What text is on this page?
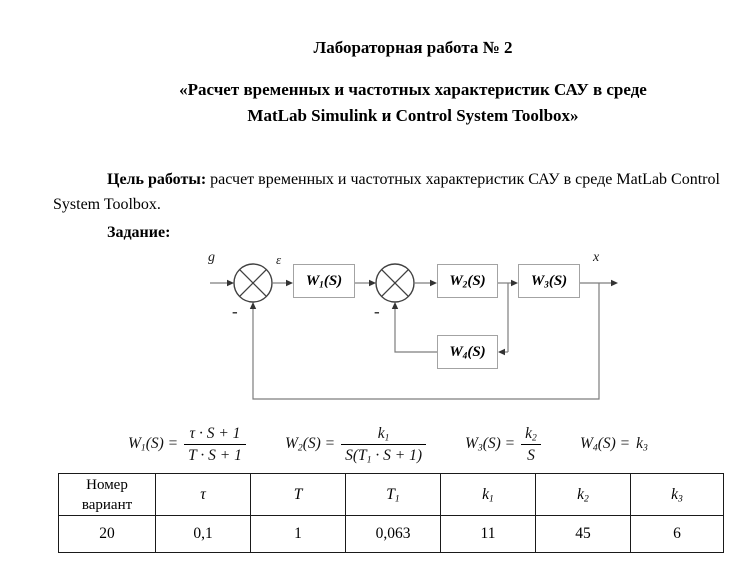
Лабораторная работа № 2
«Расчет временных и частотных характеристик САУ в среде
MatLab Simulink и Control System Toolbox»
Цель работы: расчет временных и частотных характеристик САУ в среде MatLab Control
System Toolbox.
Задание:
$W_1(S)$	$W_2(S)$	$W_3(S)$
$W_4(S)$
g	ε	x
-	-
$W_1(S) = \frac{\tau \cdot S + 1}{T \cdot S + 1}$	$W_2(S) = \frac{k_1}{S(T_1 \cdot S + 1)}$	$W_3(S) = \frac{k_2}{S}$	$W_4(S) = k_3$
Номер
вариант	τ	T	$T_1$	$k_1$	$k_2$	$k_3$
20	0,1	1	0,063	11	45	6
